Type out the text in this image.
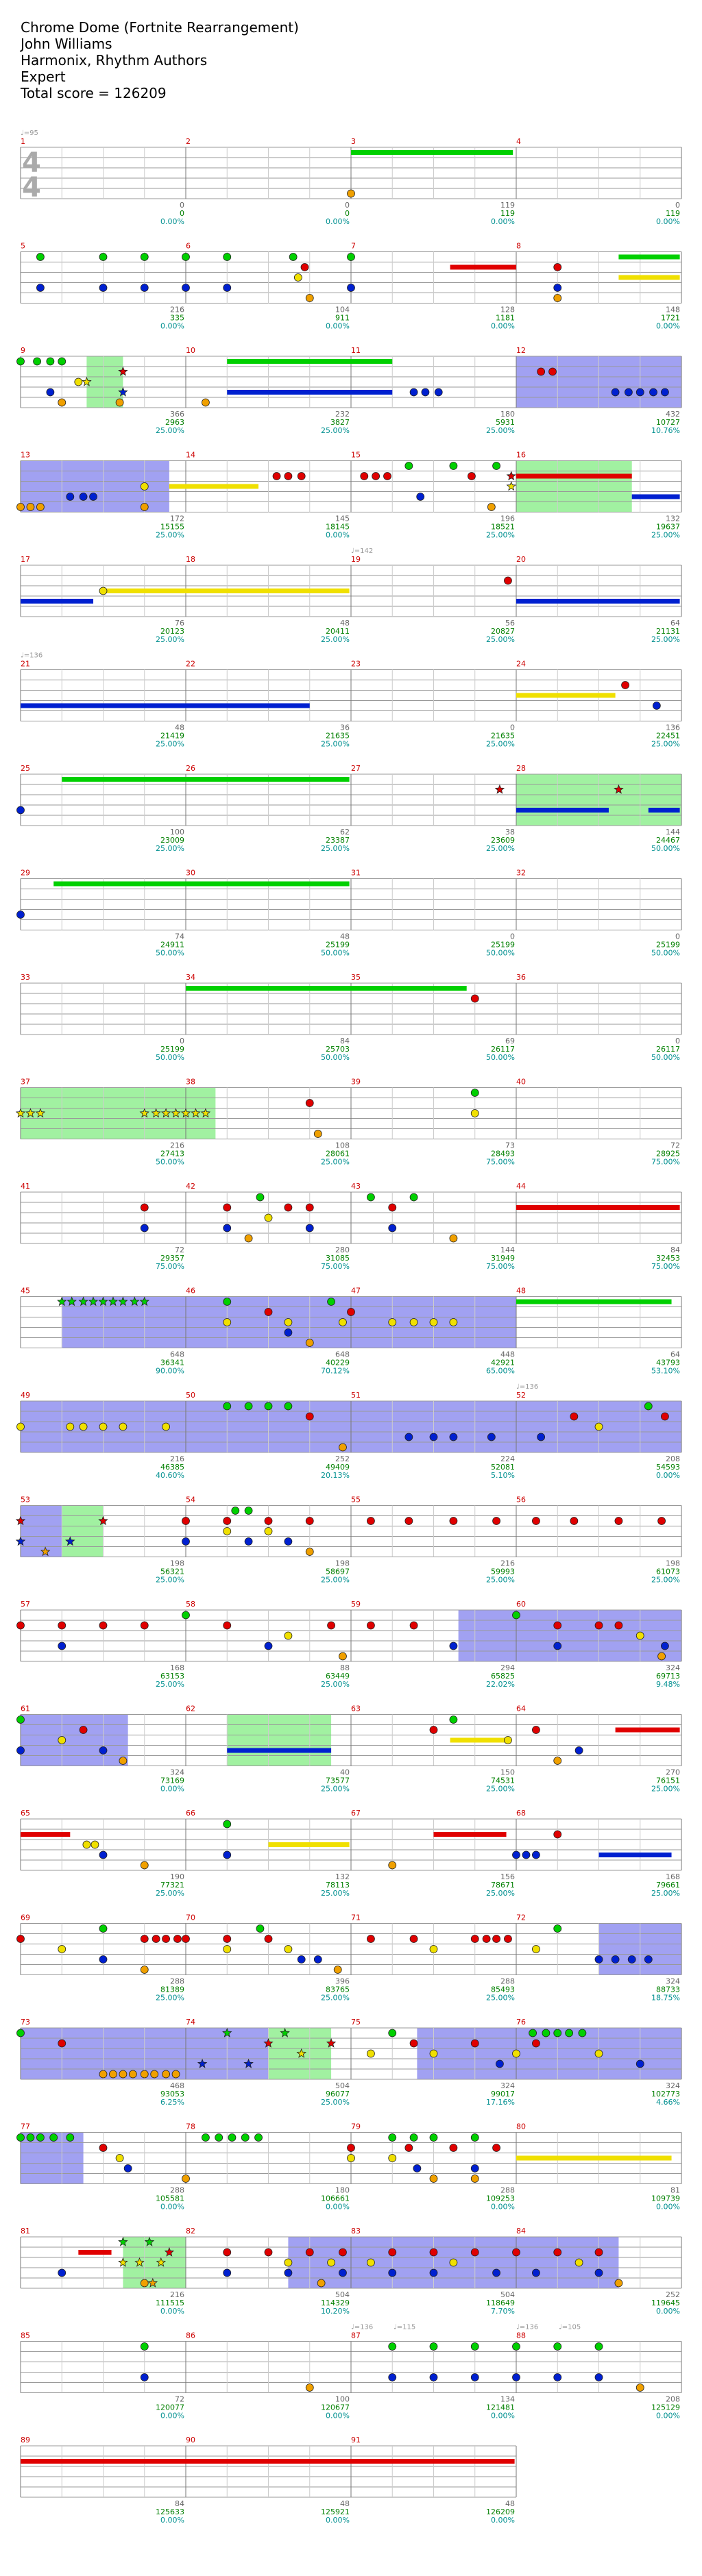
Chrome Dome (Fortnite Rearrangement)
John Williams
Harmonix, Rhythm Authors
Expert
Total score = 126209
4
4
1
0
0
0.00%
2
0
0
0.00%
3
119
119
0.00%
4
0
119
0.00%
5
216
335
0.00%
6
104
911
0.00%
7
128
1181
0.00%
8
148
1721
0.00%
9
366
2963
25.00%
10
232
3827
25.00%
11
180
5931
25.00%
12
432
10727
10.76%
13
172
15155
25.00%
14
145
18145
0.00%
15
196
18521
25.00%
16
132
19637
25.00%
17
76
20123
25.00%
18
48
20411
25.00%
19
56
20827
25.00%
20
64
21131
25.00%
21
48
21419
25.00%
22
36
21635
25.00%
23
0
21635
25.00%
24
136
22451
25.00%
25
100
23009
25.00%
26
62
23387
25.00%
27
38
23609
25.00%
28
144
24467
50.00%
29
74
24911
50.00%
30
48
25199
50.00%
31
0
25199
50.00%
32
0
25199
50.00%
33
0
25199
50.00%
34
84
25703
50.00%
35
69
26117
50.00%
36
0
26117
50.00%
37
216
27413
50.00%
38
108
28061
25.00%
39
73
28493
75.00%
40
72
28925
75.00%
41
72
29357
75.00%
42
280
31085
75.00%
43
144
31949
75.00%
44
84
32453
75.00%
45
648
36341
90.00%
46
648
40229
70.12%
47
448
42921
65.00%
48
64
43793
53.10%
49
216
46385
40.60%
50
252
49409
20.13%
51
224
52081
5.10%
52
208
54593
0.00%
53
198
56321
25.00%
54
198
58697
25.00%
55
216
59993
25.00%
56
198
61073
25.00%
57
168
63153
25.00%
58
88
63449
25.00%
59
294
65825
22.02%
60
324
69713
9.48%
61
324
73169
0.00%
62
40
73577
25.00%
63
150
74531
25.00%
64
270
76151
25.00%
65
190
77321
25.00%
66
132
78113
25.00%
67
156
78671
25.00%
68
168
79661
25.00%
69
288
81389
25.00%
70
396
83765
25.00%
71
288
85493
25.00%
72
324
88733
18.75%
73
468
93053
6.25%
74
504
96077
25.00%
75
324
99017
17.16%
76
324
102773
4.66%
77
288
105581
0.00%
78
180
106661
0.00%
79
288
109253
0.00%
80
81
109739
0.00%
81
216
111515
0.00%
82
504
114329
10.20%
83
504
118649
7.70%
84
252
119645
0.00%
85
72
120077
0.00%
86
100
120677
0.00%
87
134
121481
0.00%
88
208
125129
0.00%
89
84
125633
0.00%
90
48
125921
0.00%
91
48
126209
0.00%
♩=95
♩=142
♩=136
♩=136
♩=136	♩=115	♩=136	♩=105
